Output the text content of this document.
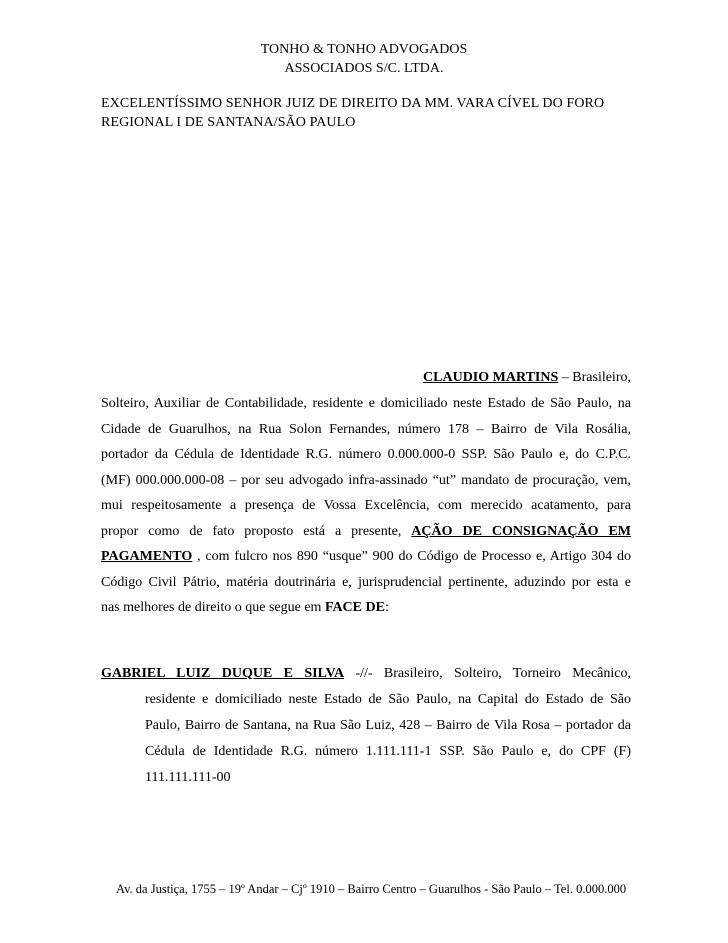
TONHO & TONHO ADVOGADOS
ASSOCIADOS S/C. LTDA.
EXCELENTÍSSIMO SENHOR JUIZ DE DIREITO DA MM. VARA CÍVEL DO FORO REGIONAL I DE SANTANA/SÃO PAULO
CLAUDIO MARTINS – Brasileiro,
Solteiro, Auxiliar de Contabilidade, residente e domiciliado neste Estado de São Paulo, na
Cidade de Guarulhos, na Rua Solon Fernandes, número 178 – Bairro de Vila Rosália,
portador da Cédula de Identidade R.G. número 0.000.000-0 SSP. São Paulo e, do C.P.C.
(MF) 000.000.000-08 – por seu advogado infra-assinado “ut” mandato de procuração, vem,
mui respeitosamente a presença de Vossa Excelência, com merecido acatamento, para
propor como de fato proposto está a presente, AÇÃO DE CONSIGNAÇÃO EM
PAGAMENTO , com fulcro nos 890 “usque” 900 do Código de Processo e, Artigo 304 do
Código Civil Pátrio, matéria doutrinária e, jurisprudencial pertinente, aduzindo por esta e
nas melhores de direito o que segue em FACE DE:
GABRIEL LUIZ DUQUE E SILVA -//- Brasileiro, Solteiro, Torneiro Mecânico,
residente e domiciliado neste Estado de São Paulo, na Capital do Estado de São
Paulo, Bairro de Santana, na Rua São Luiz, 428 – Bairro de Vila Rosa – portador da
Cédula de Identidade R.G. número 1.111.111-1 SSP. São Paulo e, do CPF (F)
111.111.111-00
Av. da Justiça, 1755 – 19º Andar – Cjº 1910 – Bairro Centro – Guarulhos - São Paulo – Tel. 0.000.000
